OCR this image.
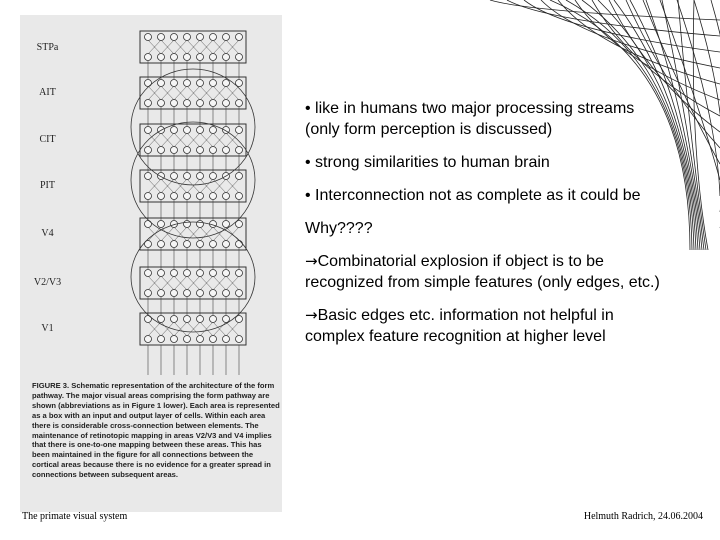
STPa
AIT
CIT
PIT
V4
V2/V3
V1

FIGURE 3. Schematic representation of the architecture of the form pathway. The major visual areas comprising the form pathway are shown (abbreviations as in Figure 1 lower). Each area is represented as a box with an input and output layer of cells. Within each area there is considerable cross-connection between elements. The maintenance of retinotopic mapping in areas V2/V3 and V4 implies that there is one-to-one mapping between these areas. This has been maintained in the figure for all connections between the cortical areas because there is no evidence for a greater spread in connections between subsequent areas.

• like in humans two major processing streams (only form perception is discussed)

• strong similarities to human brain

• Interconnection not as complete as it could be

Why????

→Combinatorial explosion if object is to be recognized from simple features (only edges, etc.)

→Basic edges etc. information not helpful in complex feature recognition at higher level

The primate visual system	Helmuth Radrich, 24.06.2004
